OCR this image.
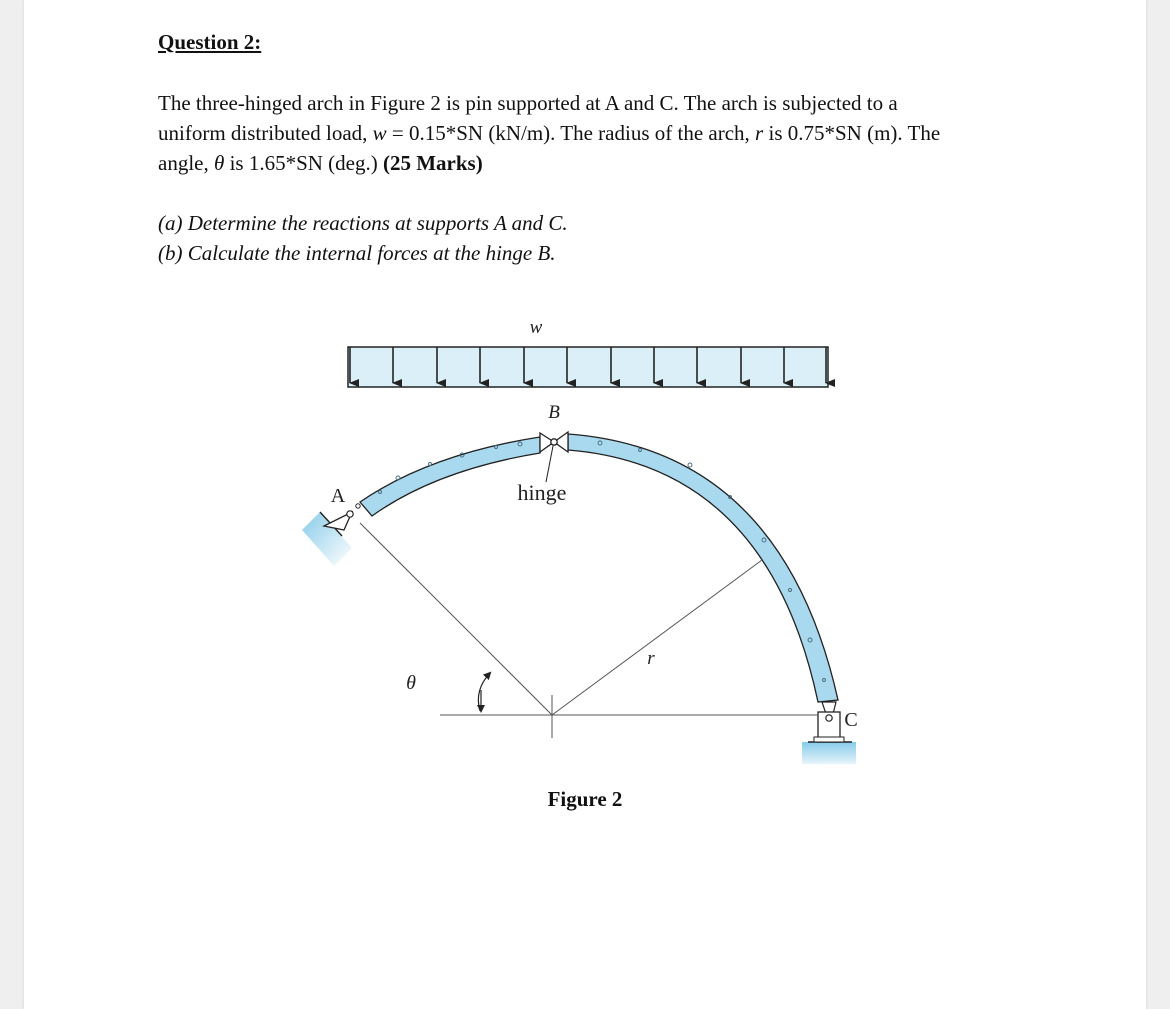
Question 2:
The three-hinged arch in Figure 2 is pin supported at A and C. The arch is subjected to a
uniform distributed load, w = 0.15*SN (kN/m). The radius of the arch, r is 0.75*SN (m). The
angle, θ is 1.65*SN (deg.) (25 Marks)
(a) Determine the reactions at supports A and C.
(b) Calculate the internal forces at the hinge B.
w
B
hinge
A
C
r
θ
Figure 2
